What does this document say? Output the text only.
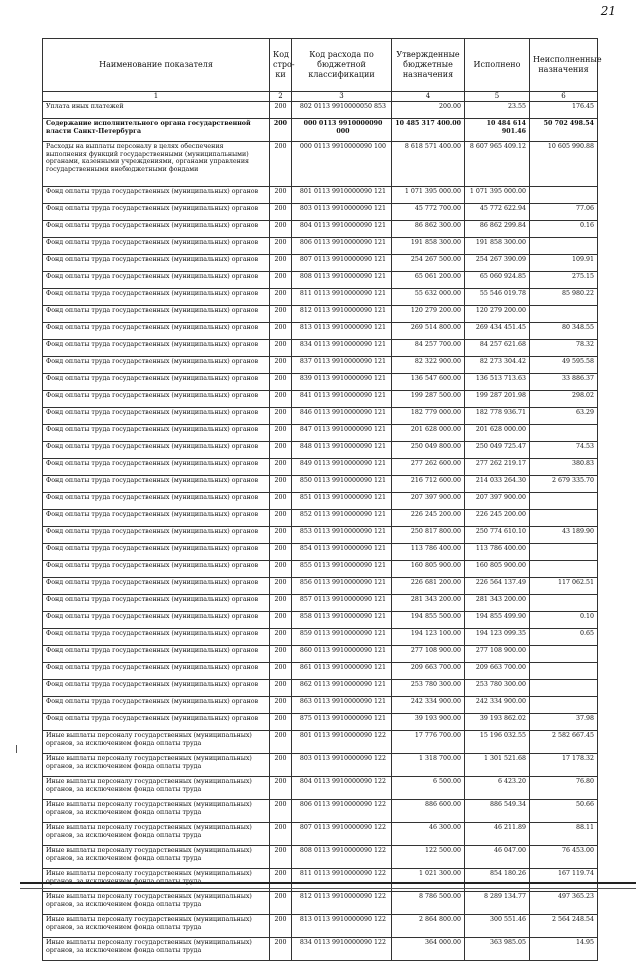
21
Наименование показателя	Код стро-ки	Код расхода по бюджетной классификации	Утвержденные бюджетные назначения	Исполнено	Неисполненные назначения
1	2	3	4	5	6
Уплата иных платежей	200	802 0113 9910000050 853	200.00	23.55	176.45
Содержание исполнительного органа государственной власти Санкт-Петербурга	200	000 0113 9910000090 000	10 485 317 400.00	10 484 614 901.46	50 702 498.54
Расходы на выплаты персоналу в целях обеспечения выполнения функций государственными (муниципальными) органами, казенными учреждениями, органами управления государственными внебюджетными фондами	200	000 0113 9910000090 100	8 618 571 400.00	8 607 965 409.12	10 605 990.88
Фонд оплаты труда государственных (муниципальных) органов	200	801 0113 9910000090 121	1 071 395 000.00	1 071 395 000.00	
Фонд оплаты труда государственных (муниципальных) органов	200	803 0113 9910000090 121	45 772 700.00	45 772 622.94	77.06
Фонд оплаты труда государственных (муниципальных) органов	200	804 0113 9910000090 121	86 862 300.00	86 862 299.84	0.16
Фонд оплаты труда государственных (муниципальных) органов	200	806 0113 9910000090 121	191 858 300.00	191 858 300.00	
Фонд оплаты труда государственных (муниципальных) органов	200	807 0113 9910000090 121	254 267 500.00	254 267 390.09	109.91
Фонд оплаты труда государственных (муниципальных) органов	200	808 0113 9910000090 121	65 061 200.00	65 060 924.85	275.15
Фонд оплаты труда государственных (муниципальных) органов	200	811 0113 9910000090 121	55 632 000.00	55 546 019.78	85 980.22
Фонд оплаты труда государственных (муниципальных) органов	200	812 0113 9910000090 121	120 279 200.00	120 279 200.00	
Фонд оплаты труда государственных (муниципальных) органов	200	813 0113 9910000090 121	269 514 800.00	269 434 451.45	80 348.55
Фонд оплаты труда государственных (муниципальных) органов	200	834 0113 9910000090 121	84 257 700.00	84 257 621.68	78.32
Фонд оплаты труда государственных (муниципальных) органов	200	837 0113 9910000090 121	82 322 900.00	82 273 304.42	49 595.58
Фонд оплаты труда государственных (муниципальных) органов	200	839 0113 9910000090 121	136 547 600.00	136 513 713.63	33 886.37
Фонд оплаты труда государственных (муниципальных) органов	200	841 0113 9910000090 121	199 287 500.00	199 287 201.98	298.02
Фонд оплаты труда государственных (муниципальных) органов	200	846 0113 9910000090 121	182 779 000.00	182 778 936.71	63.29
Фонд оплаты труда государственных (муниципальных) органов	200	847 0113 9910000090 121	201 628 000.00	201 628 000.00	
Фонд оплаты труда государственных (муниципальных) органов	200	848 0113 9910000090 121	250 049 800.00	250 049 725.47	74.53
Фонд оплаты труда государственных (муниципальных) органов	200	849 0113 9910000090 121	277 262 600.00	277 262 219.17	380.83
Фонд оплаты труда государственных (муниципальных) органов	200	850 0113 9910000090 121	216 712 600.00	214 033 264.30	2 679 335.70
Фонд оплаты труда государственных (муниципальных) органов	200	851 0113 9910000090 121	207 397 900.00	207 397 900.00	
Фонд оплаты труда государственных (муниципальных) органов	200	852 0113 9910000090 121	226 245 200.00	226 245 200.00	
Фонд оплаты труда государственных (муниципальных) органов	200	853 0113 9910000090 121	250 817 800.00	250 774 610.10	43 189.90
Фонд оплаты труда государственных (муниципальных) органов	200	854 0113 9910000090 121	113 786 400.00	113 786 400.00	
Фонд оплаты труда государственных (муниципальных) органов	200	855 0113 9910000090 121	160 805 900.00	160 805 900.00	
Фонд оплаты труда государственных (муниципальных) органов	200	856 0113 9910000090 121	226 681 200.00	226 564 137.49	117 062.51
Фонд оплаты труда государственных (муниципальных) органов	200	857 0113 9910000090 121	281 343 200.00	281 343 200.00	
Фонд оплаты труда государственных (муниципальных) органов	200	858 0113 9910000090 121	194 855 500.00	194 855 499.90	0.10
Фонд оплаты труда государственных (муниципальных) органов	200	859 0113 9910000090 121	194 123 100.00	194 123 099.35	0.65
Фонд оплаты труда государственных (муниципальных) органов	200	860 0113 9910000090 121	277 108 900.00	277 108 900.00	
Фонд оплаты труда государственных (муниципальных) органов	200	861 0113 9910000090 121	209 663 700.00	209 663 700.00	
Фонд оплаты труда государственных (муниципальных) органов	200	862 0113 9910000090 121	253 780 300.00	253 780 300.00	
Фонд оплаты труда государственных (муниципальных) органов	200	863 0113 9910000090 121	242 334 900.00	242 334 900.00	
Фонд оплаты труда государственных (муниципальных) органов	200	875 0113 9910000090 121	39 193 900.00	39 193 862.02	37.98
Иные выплаты персоналу государственных (муниципальных) органов, за исключением фонда оплаты труда	200	801 0113 9910000090 122	17 776 700.00	15 196 032.55	2 582 667.45
Иные выплаты персоналу государственных (муниципальных) органов, за исключением фонда оплаты труда	200	803 0113 9910000090 122	1 318 700.00	1 301 521.68	17 178.32
Иные выплаты персоналу государственных (муниципальных) органов, за исключением фонда оплаты труда	200	804 0113 9910000090 122	6 500.00	6 423.20	76.80
Иные выплаты персоналу государственных (муниципальных) органов, за исключением фонда оплаты труда	200	806 0113 9910000090 122	886 600.00	886 549.34	50.66
Иные выплаты персоналу государственных (муниципальных) органов, за исключением фонда оплаты труда	200	807 0113 9910000090 122	46 300.00	46 211.89	88.11
Иные выплаты персоналу государственных (муниципальных) органов, за исключением фонда оплаты труда	200	808 0113 9910000090 122	122 500.00	46 047.00	76 453.00
Иные выплаты персоналу государственных (муниципальных) органов, за исключением фонда оплаты труда	200	811 0113 9910000090 122	1 021 300.00	854 180.26	167 119.74
Иные выплаты персоналу государственных (муниципальных) органов, за исключением фонда оплаты труда	200	812 0113 9910000090 122	8 786 500.00	8 289 134.77	497 365.23
Иные выплаты персоналу государственных (муниципальных) органов, за исключением фонда оплаты труда	200	813 0113 9910000090 122	2 864 800.00	300 551.46	2 564 248.54
Иные выплаты персоналу государственных (муниципальных) органов, за исключением фонда оплаты труда	200	834 0113 9910000090 122	364 000.00	363 985.05	14.95
